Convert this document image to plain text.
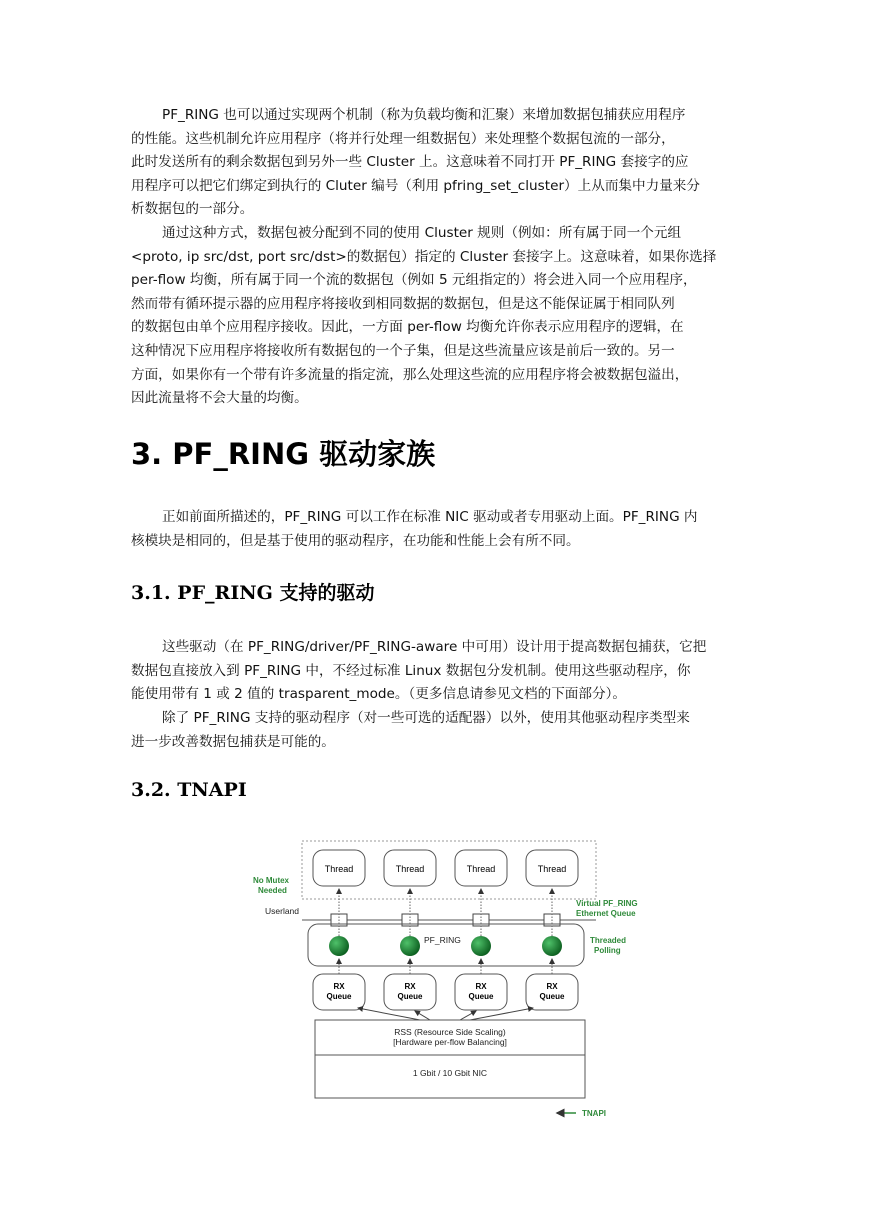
PF_RING 也可以通过实现两个机制（称为负载均衡和汇聚）来增加数据包捕获应用程序
的性能。这些机制允许应用程序（将并行处理一组数据包）来处理整个数据包流的一部分，
此时发送所有的剩余数据包到另外一些 Cluster 上。这意味着不同打开 PF_RING 套接字的应
用程序可以把它们绑定到执行的 Cluter 编号（利用 pfring_set_cluster）上从而集中力量来分
析数据包的一部分。

通过这种方式，数据包被分配到不同的使用 Cluster 规则（例如：所有属于同一个元组
<proto, ip src/dst, port src/dst>的数据包）指定的 Cluster 套接字上。这意味着，如果你选择
per-flow 均衡，所有属于同一个流的数据包（例如 5 元组指定的）将会进入同一个应用程序，
然而带有循环提示器的应用程序将接收到相同数据的数据包，但是这不能保证属于相同队列
的数据包由单个应用程序接收。因此，一方面 per-flow 均衡允许你表示应用程序的逻辑，在
这种情况下应用程序将接收所有数据包的一个子集，但是这些流量应该是前后一致的。另一
方面，如果你有一个带有许多流量的指定流，那么处理这些流的应用程序将会被数据包溢出，
因此流量将不会大量的均衡。

3. PF_RING 驱动家族

正如前面所描述的，PF_RING 可以工作在标准 NIC 驱动或者专用驱动上面。PF_RING 内
核模块是相同的，但是基于使用的驱动程序，在功能和性能上会有所不同。

3.1. PF_RING 支持的驱动

这些驱动（在 PF_RING/driver/PF_RING-aware 中可用）设计用于提高数据包捕获，它把
数据包直接放入到 PF_RING 中，不经过标准 Linux 数据包分发机制。使用这些驱动程序，你
能使用带有 1 或 2 值的 trasparent_mode。（更多信息请参见文档的下面部分）。

除了 PF_RING 支持的驱动程序（对一些可选的适配器）以外，使用其他驱动程序类型来
进一步改善数据包捕获是可能的。

3.2. TNAPI
Thread	Thread	Thread	Thread
No Mutex
Needed
Userland
PF_RING
Virtual PF_RING
Ethernet Queue
Threaded
Polling
RX
Queue
RX
Queue
RX
Queue
RX
Queue
RSS (Resource Side Scaling)
[Hardware per-flow Balancing]
1 Gbit / 10 Gbit NIC
TNAPI
